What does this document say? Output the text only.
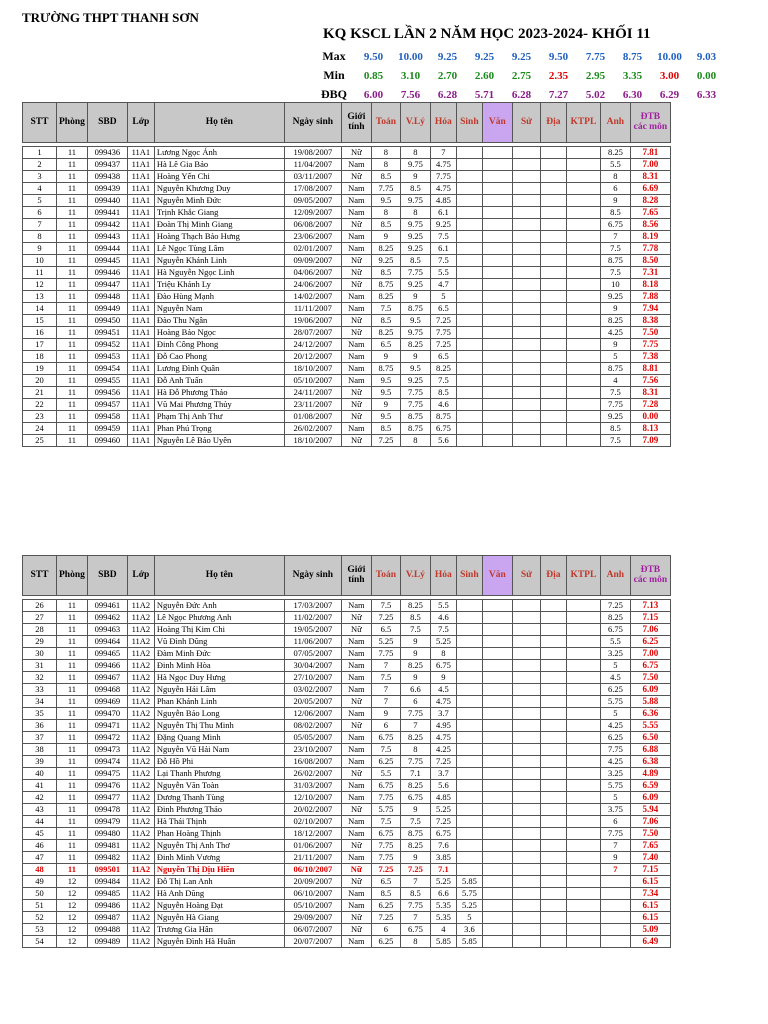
TRƯỜNG THPT THANH SƠN
KQ KSCL LẦN 2 NĂM HỌC 2023-2024- KHỐI 11
Max	9.50	10.00	9.25	9.25	9.25	9.50	7.75	8.75	10.00	9.03
Min	0.85	3.10	2.70	2.60	2.75	2.35	2.95	3.35	3.00	0.00
ĐBQ	6.00	7.56	6.28	5.71	6.28	7.27	5.02	6.30	6.29	6.33
STT	Phòng	SBD	Lớp	Họ tên	Ngày sinh	Giới tính	Toán	V.Lý	Hóa	Sinh	Văn	Sử	Địa	KTPL	Anh	ĐTB các môn

1	11	099436	11A1	Lương Ngọc Ánh	19/08/2007	Nữ	8	8	7						8.25	7.81
2	11	099437	11A1	Hà Lê Gia Bảo	11/04/2007	Nam	8	9.75	4.75						5.5	7.00
3	11	099438	11A1	Hoàng Yến Chi	03/11/2007	Nữ	8.5	9	7.75						8	8.31
4	11	099439	11A1	Nguyễn Khương Duy	17/08/2007	Nam	7.75	8.5	4.75						6	6.69
5	11	099440	11A1	Nguyễn Minh Đức	09/05/2007	Nam	9.5	9.75	4.85						9	8.28
6	11	099441	11A1	Trịnh Khắc Giang	12/09/2007	Nam	8	8	6.1						8.5	7.65
7	11	099442	11A1	Đoàn Thị Minh Giang	06/08/2007	Nữ	8.5	9.75	9.25						6.75	8.56
8	11	099443	11A1	Hoàng Thạch Bảo Hưng	23/06/2007	Nam	9	9.25	7.5						7	8.19
9	11	099444	11A1	Lê Ngọc Tùng Lâm	02/01/2007	Nam	8.25	9.25	6.1						7.5	7.78
10	11	099445	11A1	Nguyễn Khánh Linh	09/09/2007	Nữ	9.25	8.5	7.5						8.75	8.50
11	11	099446	11A1	Hà Nguyễn Ngọc Linh	04/06/2007	Nữ	8.5	7.75	5.5						7.5	7.31
12	11	099447	11A1	Triệu Khánh Ly	24/06/2007	Nữ	8.75	9.25	4.7						10	8.18
13	11	099448	11A1	Đào Hùng Mạnh	14/02/2007	Nam	8.25	9	5						9.25	7.88
14	11	099449	11A1	Nguyễn Nam	11/11/2007	Nam	7.5	8.75	6.5						9	7.94
15	11	099450	11A1	Đào Thu Ngân	19/06/2007	Nữ	8.5	9.5	7.25						8.25	8.38
16	11	099451	11A1	Hoàng Bảo Ngọc	28/07/2007	Nữ	8.25	9.75	7.75						4.25	7.50
17	11	099452	11A1	Đinh Công Phong	24/12/2007	Nam	6.5	8.25	7.25						9	7.75
18	11	099453	11A1	Đỗ Cao Phong	20/12/2007	Nam	9	9	6.5						5	7.38
19	11	099454	11A1	Lương Đình Quân	18/10/2007	Nam	8.75	9.5	8.25						8.75	8.81
20	11	099455	11A1	Đỗ Anh Tuấn	05/10/2007	Nam	9.5	9.25	7.5						4	7.56
21	11	099456	11A1	Hà Đỗ Phương Thảo	24/11/2007	Nữ	9.5	7.75	8.5						7.5	8.31
22	11	099457	11A1	Vũ Mai Phương Thủy	23/11/2007	Nữ	9	7.75	4.6						7.75	7.28
23	11	099458	11A1	Phạm Thị Anh Thư	01/08/2007	Nữ	9.5	8.75	8.75						9.25	0.00
24	11	099459	11A1	Phan Phú Trọng	26/02/2007	Nam	8.5	8.75	6.75						8.5	8.13
25	11	099460	11A1	Nguyễn Lê Bảo Uyên	18/10/2007	Nữ	7.25	8	5.6						7.5	7.09
STT	Phòng	SBD	Lớp	Họ tên	Ngày sinh	Giới tính	Toán	V.Lý	Hóa	Sinh	Văn	Sử	Địa	KTPL	Anh	ĐTB các môn

26	11	099461	11A2	Nguyễn Đức Anh	17/03/2007	Nam	7.5	8.25	5.5						7.25	7.13
27	11	099462	11A2	Lê Ngọc Phương Anh	11/02/2007	Nữ	7.25	8.5	4.6						8.25	7.15
28	11	099463	11A2	Hoàng Thị Kim Chi	19/05/2007	Nữ	6.5	7.5	7.5						6.75	7.06
29	11	099464	11A2	Vũ Đình Dũng	11/06/2007	Nam	5.25	9	5.25						5.5	6.25
30	11	099465	11A2	Đàm Minh Đức	07/05/2007	Nam	7.75	9	8						3.25	7.00
31	11	099466	11A2	Đinh Minh Hòa	30/04/2007	Nam	7	8.25	6.75						5	6.75
32	11	099467	11A2	Hà Ngọc Duy Hưng	27/10/2007	Nam	7.5	9	9						4.5	7.50
33	11	099468	11A2	Nguyễn Hải Lâm	03/02/2007	Nam	7	6.6	4.5						6.25	6.09
34	11	099469	11A2	Phan Khánh Linh	20/05/2007	Nữ	7	6	4.75						5.75	5.88
35	11	099470	11A2	Nguyễn Bảo Long	12/06/2007	Nam	9	7.75	3.7						5	6.36
36	11	099471	11A2	Nguyễn Thị Thu Minh	08/02/2007	Nữ	6	7	4.95						4.25	5.55
37	11	099472	11A2	Đặng Quang Minh	05/05/2007	Nam	6.75	8.25	4.75						6.25	6.50
38	11	099473	11A2	Nguyễn Vũ Hải Nam	23/10/2007	Nam	7.5	8	4.25						7.75	6.88
39	11	099474	11A2	Đỗ Hồ Phi	16/08/2007	Nam	6.25	7.75	7.25						4.25	6.38
40	11	099475	11A2	Lại Thanh Phương	26/02/2007	Nữ	5.5	7.1	3.7						3.25	4.89
41	11	099476	11A2	Nguyễn Văn Toàn	31/03/2007	Nam	6.75	8.25	5.6						5.75	6.59
42	11	099477	11A2	Dương Thanh Tùng	12/10/2007	Nam	7.75	6.75	4.85						5	6.09
43	11	099478	11A2	Đinh Phương Thảo	20/02/2007	Nữ	5.75	9	5.25						3.75	5.94
44	11	099479	11A2	Hà Thái Thịnh	02/10/2007	Nam	7.5	7.5	7.25						6	7.06
45	11	099480	11A2	Phan Hoàng Thịnh	18/12/2007	Nam	6.75	8.75	6.75						7.75	7.50
46	11	099481	11A2	Nguyễn Thị Anh Thơ	01/06/2007	Nữ	7.75	8.25	7.6						7	7.65
47	11	099482	11A2	Đinh Minh Vương	21/11/2007	Nam	7.75	9	3.85						9	7.40
48	11	099501	11A2	Nguyễn Thị Dịu Hiền	06/10/2007	Nữ	7.25	7.25	7.1						7	7.15
49	12	099484	11A2	Đỗ Thị Lan Anh	20/09/2007	Nữ	6.5	7	5.25	5.85						6.15
50	12	099485	11A2	Hà Anh Dũng	06/10/2007	Nam	8.5	8.5	6.6	5.75						7.34
51	12	099486	11A2	Nguyễn Hoàng Đạt	05/10/2007	Nam	6.25	7.75	5.35	5.25						6.15
52	12	099487	11A2	Nguyễn Hà Giang	29/09/2007	Nữ	7.25	7	5.35	5						6.15
53	12	099488	11A2	Trương Gia Hân	06/07/2007	Nữ	6	6.75	4	3.6						5.09
54	12	099489	11A2	Nguyễn Đình Hà Huân	20/07/2007	Nam	6.25	8	5.85	5.85						6.49
